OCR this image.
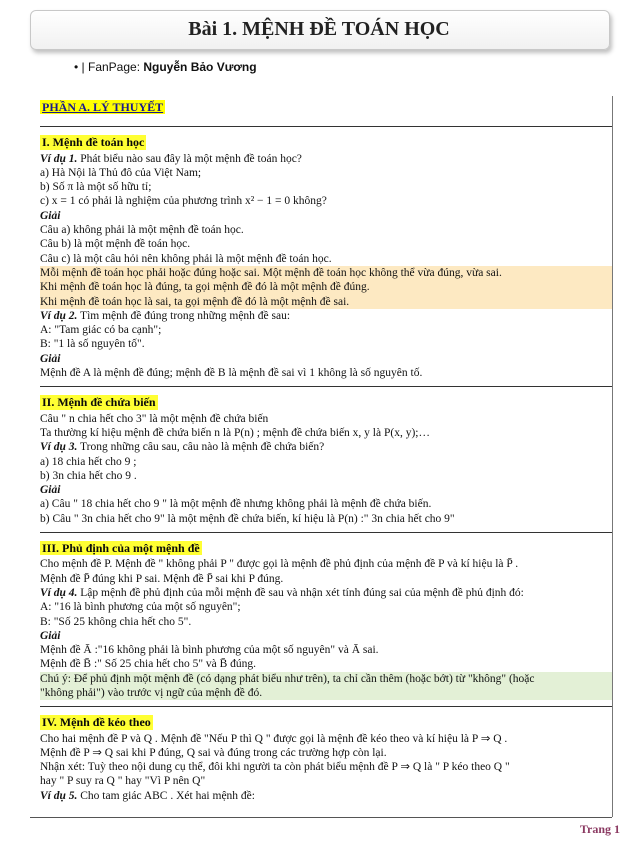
Bài 1. MỆNH ĐỀ TOÁN HỌC
• | FanPage: Nguyễn Bảo Vương
PHẦN A. LÝ THUYẾT
I. Mệnh đề toán học
Ví dụ 1. Phát biểu nào sau đây là một mệnh đề toán học?
a) Hà Nội là Thủ đô của Việt Nam;
b) Số π là một số hữu tỉ;
c) x = 1 có phải là nghiệm của phương trình x² − 1 = 0 không?
Giải
Câu a) không phải là một mệnh đề toán học.
Câu b) là một mệnh đề toán học.
Câu c) là một câu hỏi nên không phải là một mệnh đề toán học.
Mỗi mệnh đề toán học phải hoặc đúng hoặc sai. Một mệnh đề toán học không thể vừa đúng, vừa sai.
Khi mệnh đề toán học là đúng, ta gọi mệnh đề đó là một mệnh đề đúng.
Khi mệnh đề toán học là sai, ta gọi mệnh đề đó là một mệnh đề sai.
Ví dụ 2. Tìm mệnh đề đúng trong những mệnh đề sau:
A: "Tam giác có ba cạnh";
B: "1 là số nguyên tố".
Giải
Mệnh đề A là mệnh đề đúng; mệnh đề B là mệnh đề sai vì 1 không là số nguyên tố.
II. Mệnh đề chứa biến
Câu " n chia hết cho 3" là một mệnh đề chứa biến
Ta thường kí hiệu mệnh đề chứa biến n là P(n) ; mệnh đề chứa biến x, y là P(x, y);…
Ví dụ 3. Trong những câu sau, câu nào là mệnh đề chứa biến?
a) 18 chia hết cho 9 ;
b) 3n chia hết cho 9 .
Giải
a) Câu " 18 chia hết cho 9 " là một mệnh đề nhưng không phải là mệnh đề chứa biến.
b) Câu " 3n chia hết cho 9" là một mệnh đề chứa biến, kí hiệu là P(n) :" 3n chia hết cho 9"
III. Phủ định của một mệnh đề
Cho mệnh đề P. Mệnh đề " không phải P " được gọi là mệnh đề phủ định của mệnh đề P và kí hiệu là P̄ .
Mệnh đề P̄ đúng khi P sai. Mệnh đề P̄ sai khi P đúng.
Ví dụ 4. Lập mệnh đề phủ định của mỗi mệnh đề sau và nhận xét tính đúng sai của mệnh đề phủ định đó:
A: "16 là bình phương của một số nguyên";
B: "Số 25 không chia hết cho 5".
Giải
Mệnh đề Ā :"16 không phải là bình phương của một số nguyên" và Ā sai.
Mệnh đề B̄ :" Số 25 chia hết cho 5" và B̄ đúng.
Chú ý: Để phủ định một mệnh đề (có dạng phát biểu như trên), ta chỉ cần thêm (hoặc bớt) từ "không" (hoặc
"không phải") vào trước vị ngữ của mệnh đề đó.
IV. Mệnh đề kéo theo
Cho hai mệnh đề P và Q . Mệnh đề "Nếu P thì Q " được gọi là mệnh đề kéo theo và kí hiệu là P ⇒ Q .
Mệnh đề P ⇒ Q sai khi P đúng, Q sai và đúng trong các trường hợp còn lại.
Nhận xét: Tuỳ theo nội dung cụ thể, đôi khi người ta còn phát biểu mệnh đề P ⇒ Q là " P kéo theo Q "
hay " P suy ra Q " hay "Vì P nên Q"
Ví dụ 5. Cho tam giác ABC . Xét hai mệnh đề:
Trang 1
